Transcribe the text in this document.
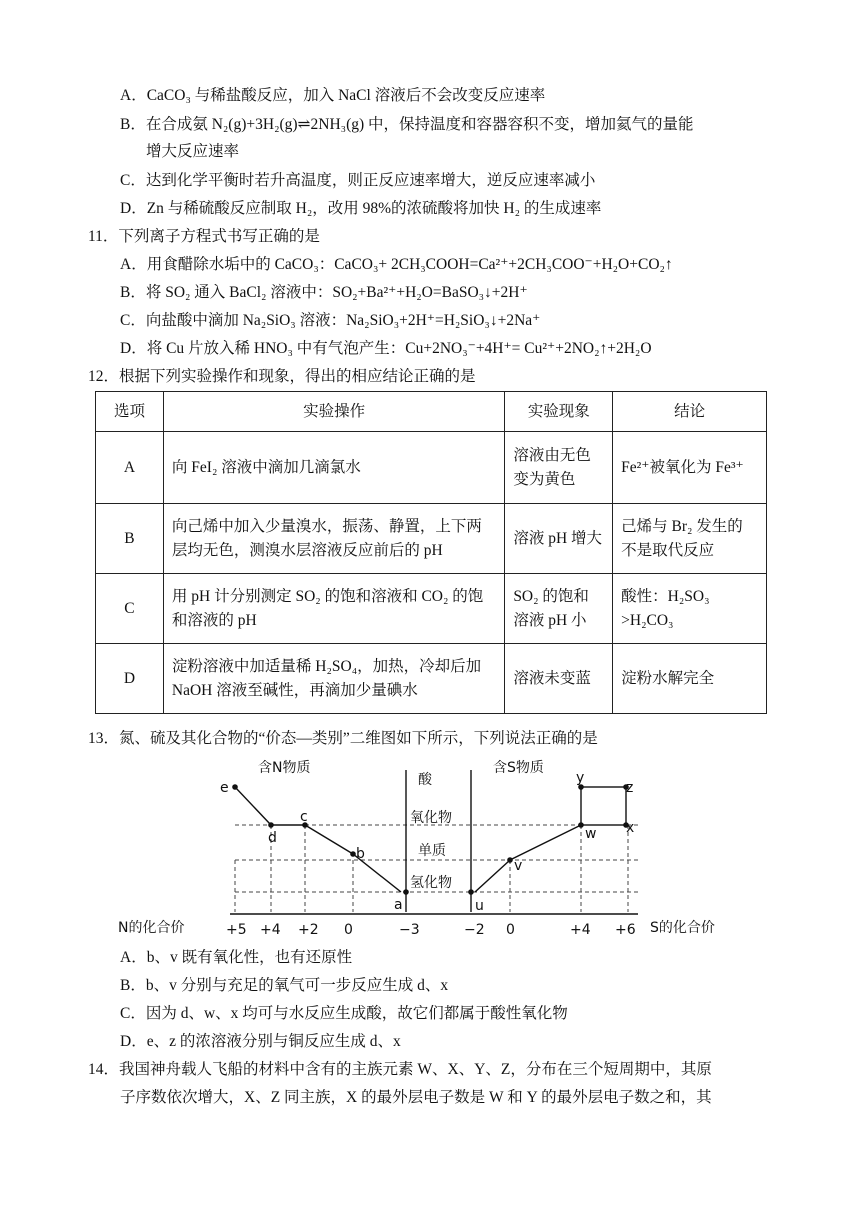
A．CaCO₃ 与稀盐酸反应，加入 NaCl 溶液后不会改变反应速率
B．在合成氨 N₂(g)+3H₂(g)⇌2NH₃(g) 中，保持温度和容器容积不变，增加氦气的量能
增大反应速率
C．达到化学平衡时若升高温度，则正反应速率增大，逆反应速率减小
D．Zn 与稀硫酸反应制取 H₂，改用 98%的浓硫酸将加快 H₂ 的生成速率
11．下列离子方程式书写正确的是
A．用食醋除水垢中的 CaCO₃：CaCO₃+ 2CH₃COOH=Ca²⁺+2CH₃COO⁻+H₂O+CO₂↑
B．将 SO₂ 通入 BaCl₂ 溶液中：SO₂+Ba²⁺+H₂O=BaSO₃↓+2H⁺
C．向盐酸中滴加 Na₂SiO₃ 溶液：Na₂SiO₃+2H⁺=H₂SiO₃↓+2Na⁺
D．将 Cu 片放入稀 HNO₃ 中有气泡产生：Cu+2NO₃⁻+4H⁺= Cu²⁺+2NO₂↑+2H₂O
12．根据下列实验操作和现象，得出的相应结论正确的是
选项	实验操作	实验现象	结论
A	向 FeI₂ 溶液中滴加几滴氯水	溶液由无色变为黄色	Fe²⁺被氧化为 Fe³⁺
B	向己烯中加入少量溴水，振荡、静置，上下两层均无色，测溴水层溶液反应前后的 pH	溶液 pH 增大	己烯与 Br₂ 发生的不是取代反应
C	用 pH 计分别测定 SO₂ 的饱和溶液和 CO₂ 的饱和溶液的 pH	SO₂ 的饱和溶液 pH 小	酸性：H₂SO₃ >H₂CO₃
D	淀粉溶液中加适量稀 H₂SO₄，加热，冷却后加 NaOH 溶液至碱性，再滴加少量碘水	溶液未变蓝	淀粉水解完全
13．氮、硫及其化合物的“价态—类别”二维图如下所示，下列说法正确的是
含N物质	含S物质
酸
氧化物
单质
氢化物
e
d
c
b
a	u
v
w x
y
z
N的化合价	+5 +4 +2 0	−3	−2 0	+4 +6 S的化合价
A．b、v 既有氧化性，也有还原性
B．b、v 分别与充足的氧气可一步反应生成 d、x
C．因为 d、w、x 均可与水反应生成酸，故它们都属于酸性氧化物
D．e、z 的浓溶液分别与铜反应生成 d、x
14．我国神舟载人飞船的材料中含有的主族元素 W、X、Y、Z，分布在三个短周期中，其原
子序数依次增大，X、Z 同主族，X 的最外层电子数是 W 和 Y 的最外层电子数之和，其
